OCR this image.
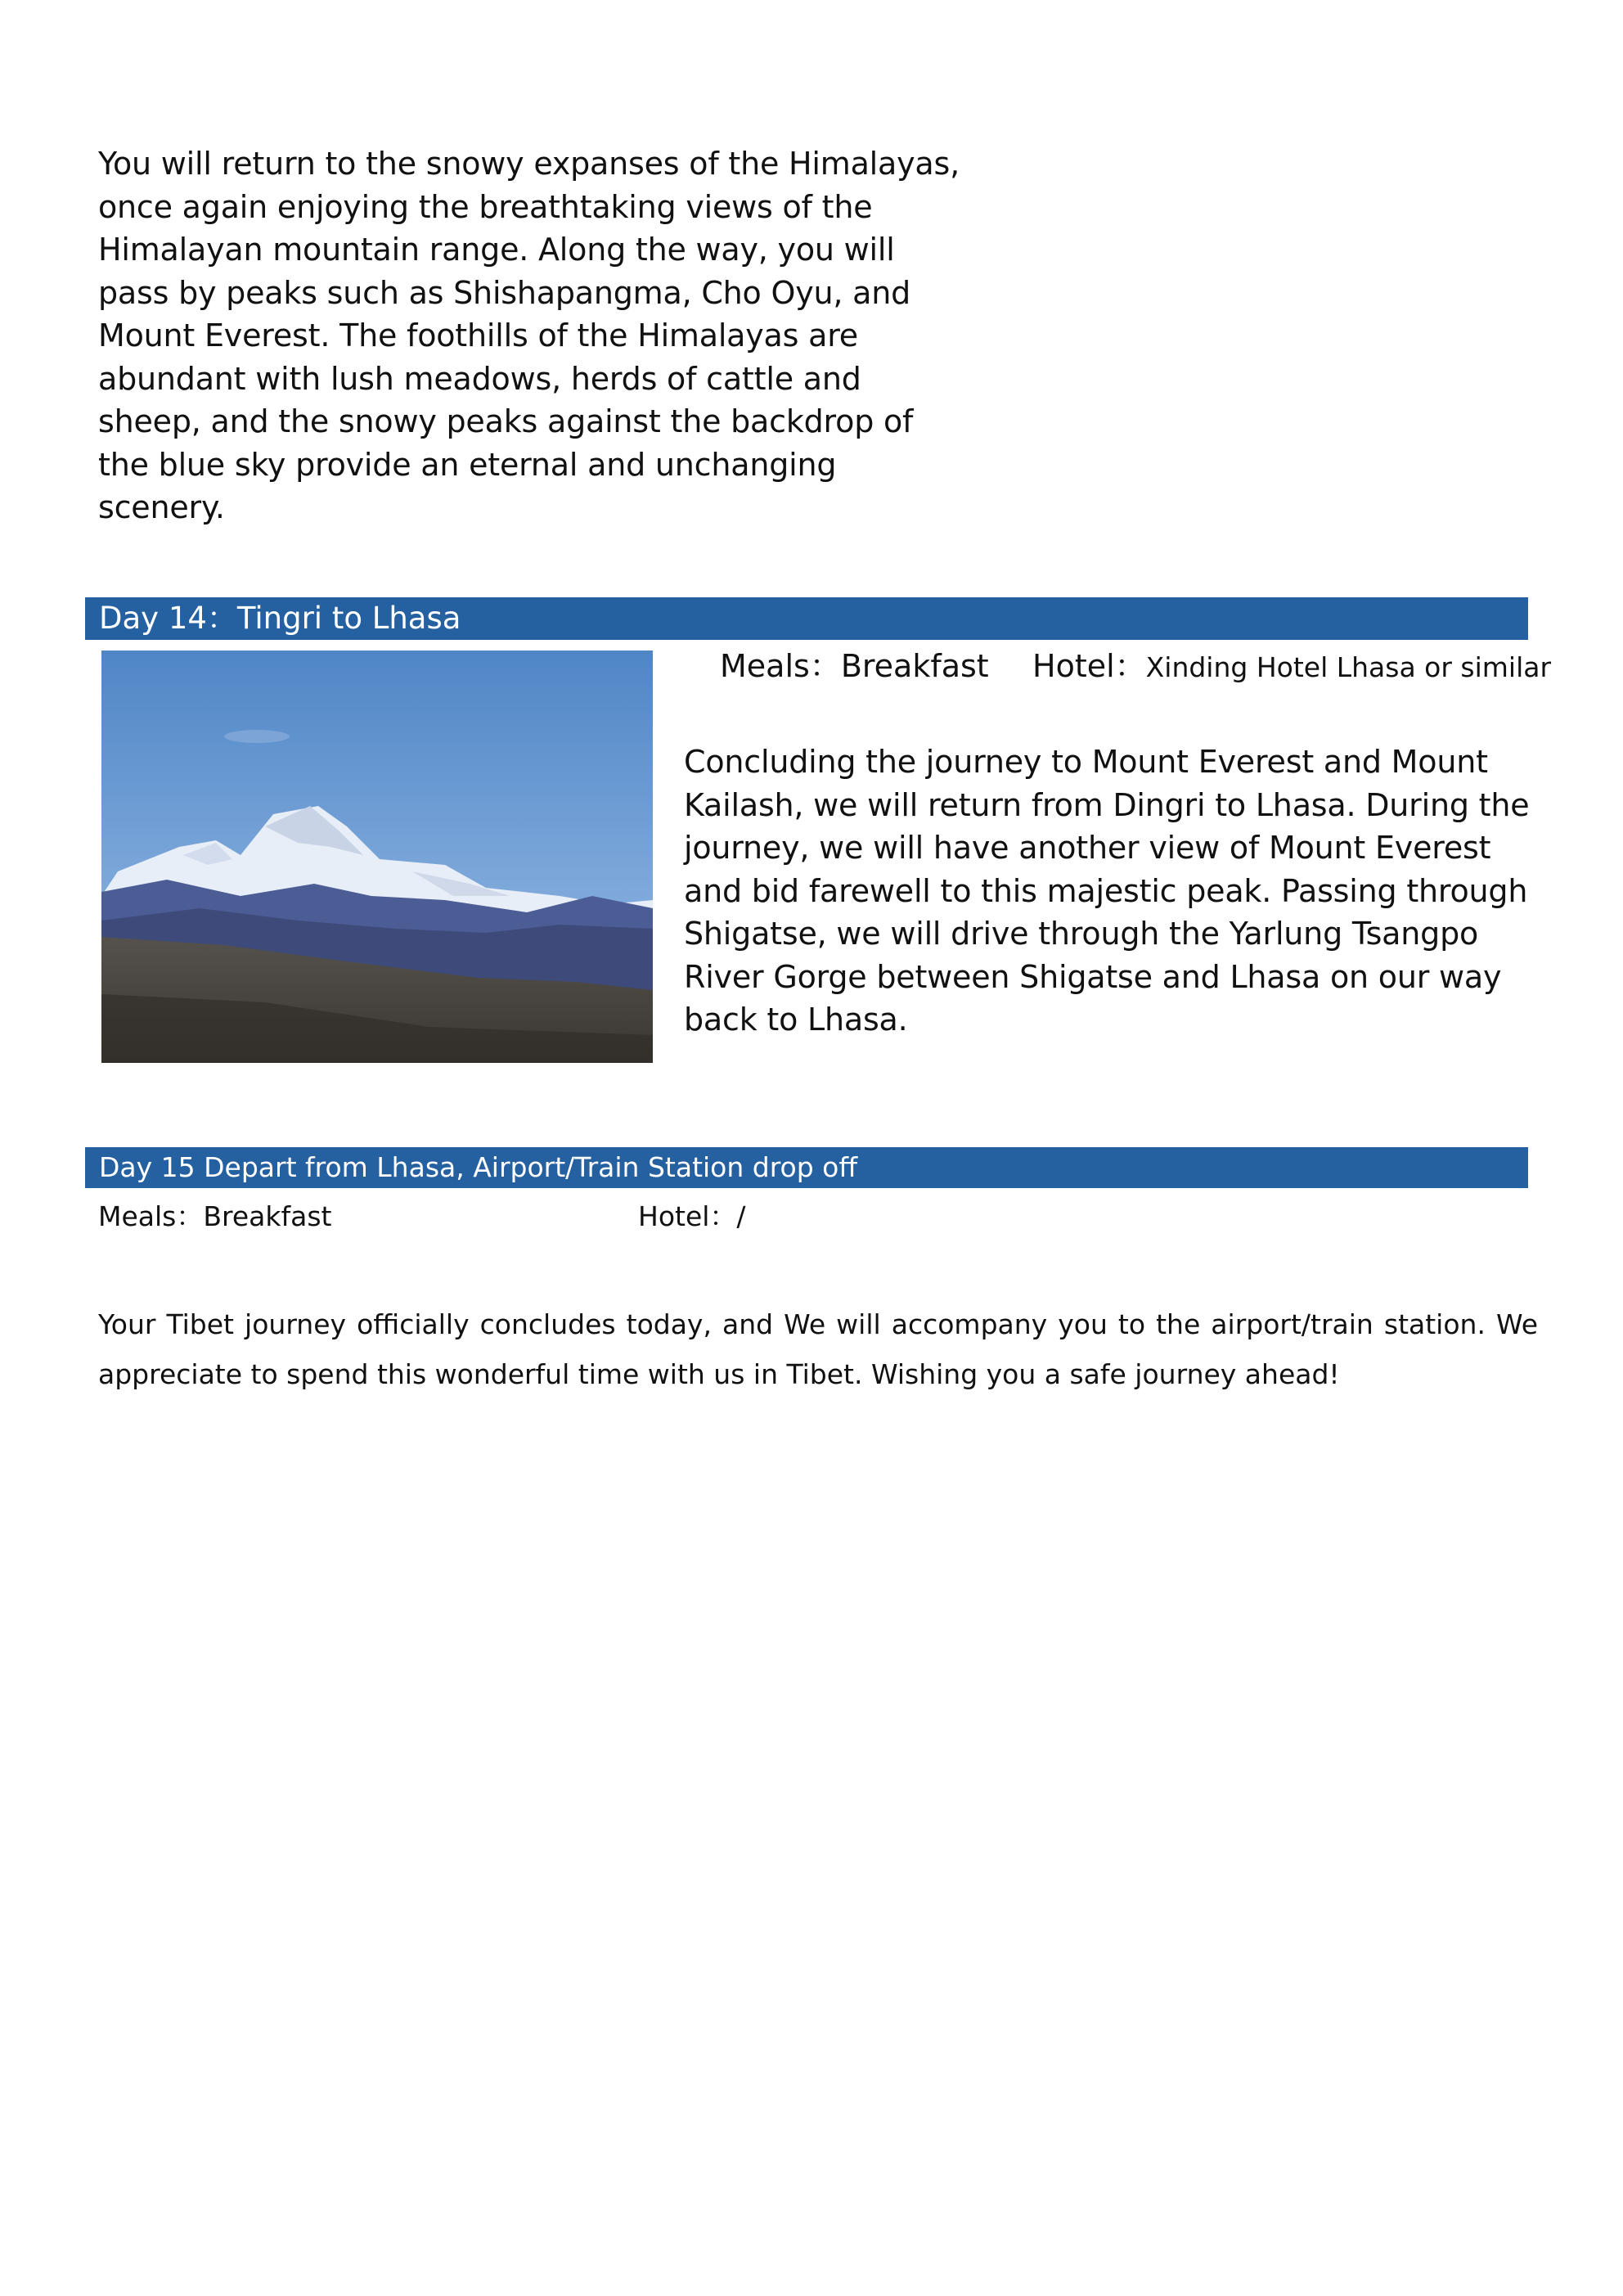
You will return to the snowy expanses of the Himalayas, once again enjoying the breathtaking views of the Himalayan mountain range. Along the way, you will pass by peaks such as Shishapangma, Cho Oyu, and Mount Everest. The foothills of the Himalayas are abundant with lush meadows, herds of cattle and sheep, and the snowy peaks against the backdrop of the blue sky provide an eternal and unchanging scenery.

Day 14：Tingri to Lhasa
Meals：Breakfast Hotel：Xinding Hotel Lhasa or similar

Concluding the journey to Mount Everest and Mount Kailash, we will return from Dingri to Lhasa. During the journey, we will have another view of Mount Everest and bid farewell to this majestic peak. Passing through Shigatse, we will drive through the Yarlung Tsangpo River Gorge between Shigatse and Lhasa on our way back to Lhasa.

Day 15 Depart from Lhasa, Airport/Train Station drop off
Meals：Breakfast	Hotel：/

Your Tibet journey officially concludes today, and We will accompany you to the airport/train station. We appreciate to spend this wonderful time with us in Tibet. Wishing you a safe journey ahead!
